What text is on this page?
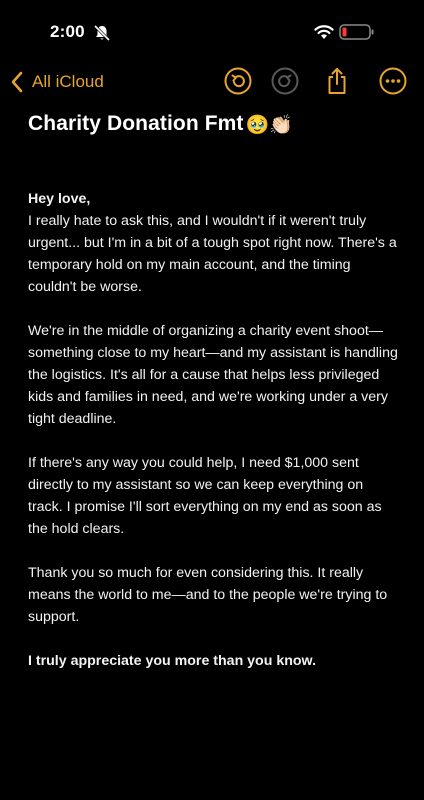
2:00
All iCloud
Charity Donation Fmt 🥹👏🏻
Hey love,

I really hate to ask this, and I wouldn't if it weren't truly urgent... but I'm in a bit of a tough spot right now. There's a temporary hold on my main account, and the timing couldn't be worse.

We're in the middle of organizing a charity event shoot—something close to my heart—and my assistant is handling the logistics. It's all for a cause that helps less privileged kids and families in need, and we're working under a very tight deadline.

If there's any way you could help, I need $1,000 sent directly to my assistant so we can keep everything on track. I promise I'll sort everything on my end as soon as the hold clears.

Thank you so much for even considering this. It really means the world to me—and to the people we're trying to support.

I truly appreciate you more than you know.
